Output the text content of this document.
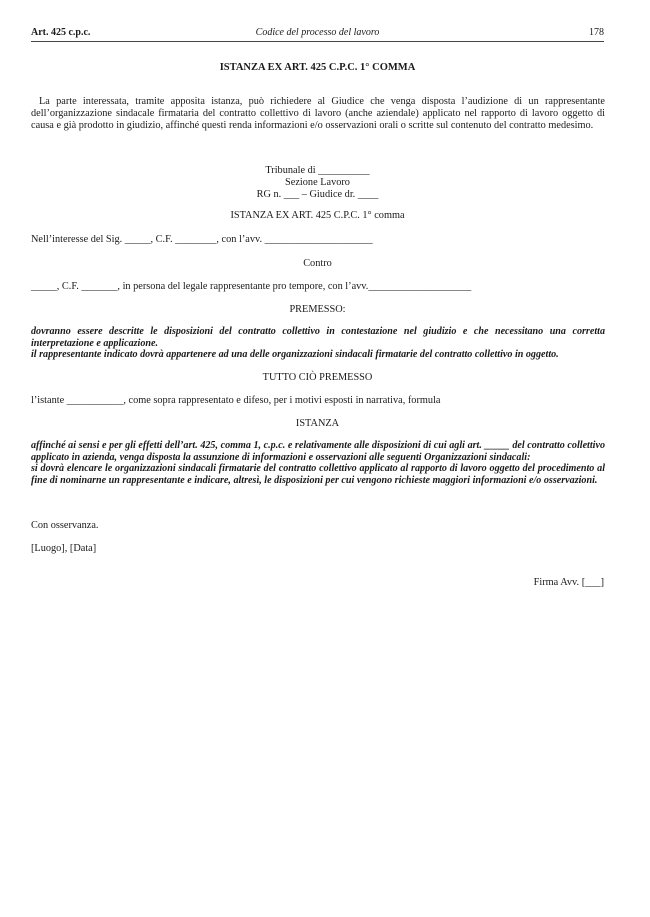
Art. 425 c.p.c.	Codice del processo del lavoro	178
ISTANZA EX ART. 425 C.P.C. 1° COMMA
La parte interessata, tramite apposita istanza, può richiedere al Giudice che venga disposta l’audizione di un rappresentante dell’organizzazione sindacale firmataria del contratto collettivo di lavoro (anche aziendale) applicato nel rapporto di lavoro oggetto di causa e già prodotto in giudizio, affinché questi renda informazioni e/o osservazioni orali o scritte sul contenuto del contratto medesimo.
Tribunale di __________
Sezione Lavoro
RG n. ___ – Giudice dr. ____
ISTANZA EX ART. 425 C.P.C. 1° comma
Nell’interesse del Sig. _____, C.F. ________, con l’avv. _____________________
Contro
_____, C.F. _______, in persona del legale rappresentante pro tempore, con l’avv.____________________
PREMESSO:
dovranno essere descritte le disposizioni del contratto collettivo in contestazione nel giudizio e che necessitano una corretta interpretazione e applicazione.
il rappresentante indicato dovrà appartenere ad una delle organizzazioni sindacali firmatarie del contratto collettivo in oggetto.
TUTTO CIÒ PREMESSO
l’istante ___________, come sopra rappresentato e difeso, per i motivi esposti in narrativa, formula
ISTANZA
affinché ai sensi e per gli effetti dell’art. 425, comma 1, c.p.c. e relativamente alle disposizioni di cui agli art. _____ del contratto collettivo applicato in azienda, venga disposta la assunzione di informazioni e osservazioni alle seguenti Organizzazioni sindacali:
si dovrà elencare le organizzazioni sindacali firmatarie del contratto collettivo applicato al rapporto di lavoro oggetto del procedimento al fine di nominarne un rappresentante e indicare, altresì, le disposizioni per cui vengono richieste maggiori informazioni e/o osservazioni.
Con osservanza.
[Luogo], [Data]
Firma Avv. [___]
